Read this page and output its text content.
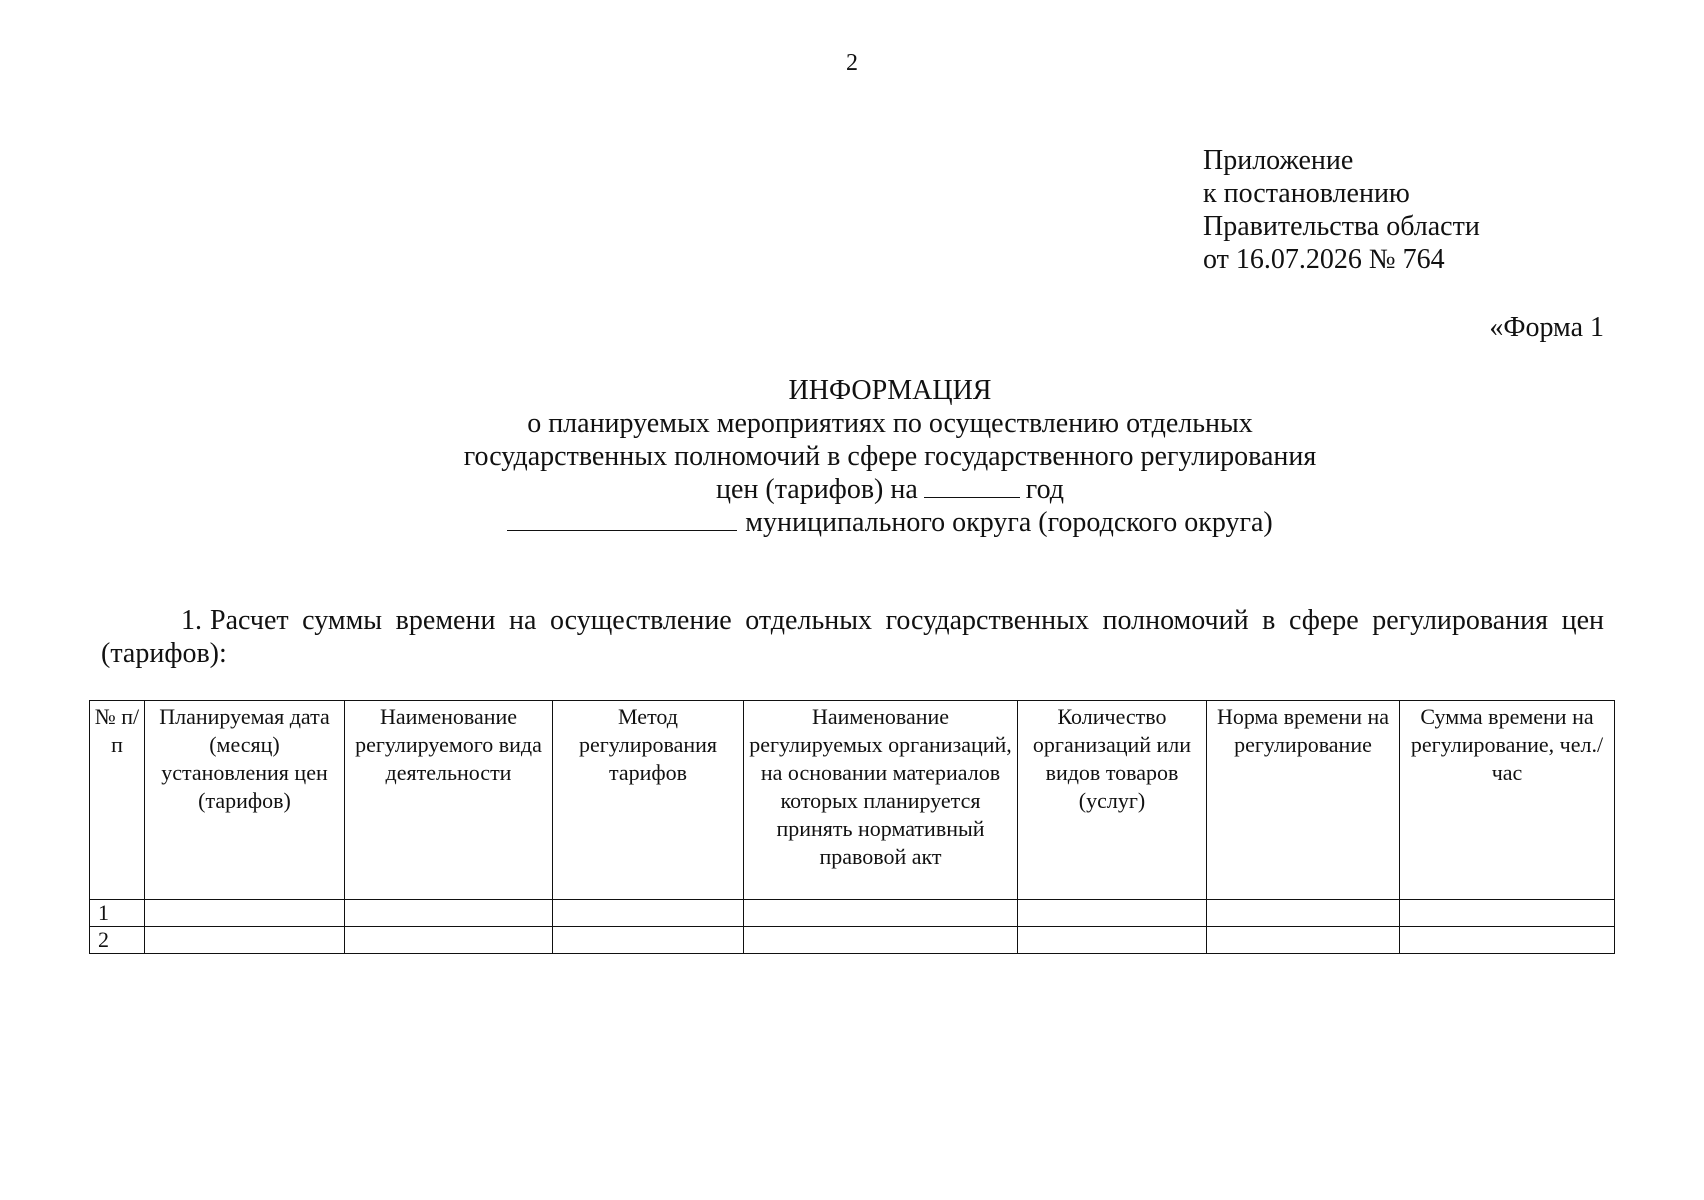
2
Приложение
к постановлению
Правительства области
от 16.07.2026 № 764
«Форма 1
ИНФОРМАЦИЯ
о планируемых мероприятиях по осуществлению отдельных
государственных полномочий в сфере государственного регулирования
цен (тарифов) на	год
муниципального округа (городского округа)
1. Расчет суммы времени на осуществление отдельных государственных полномочий в сфере регулирования цен (тарифов):
№ п/п	Планируемая дата (месяц) установления цен (тарифов)	Наименование регулируемого вида деятельности	Метод регулирования тарифов	Наименование регулируемых организаций, на основании материалов которых планируется принять нормативный правовой акт	Количество организаций или видов товаров (услуг)	Норма времени на регулирование	Сумма времени на регулирование, чел./час
1							
2							
